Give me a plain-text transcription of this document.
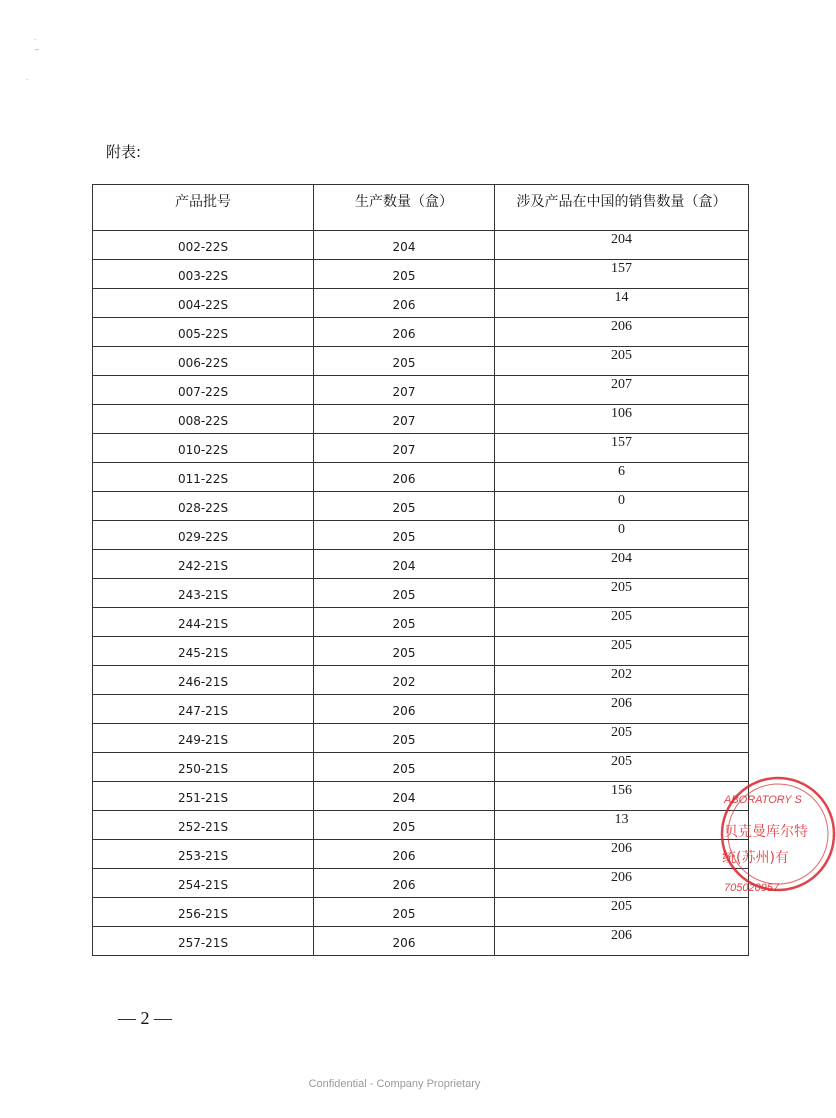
-
~
-
附表:
产品批号	生产数量（盒）	涉及产品在中国的销售数量（盒）
002-22S	204	204
003-22S	205	157
004-22S	206	14
005-22S	206	206
006-22S	205	205
007-22S	207	207
008-22S	207	106
010-22S	207	157
011-22S	206	6
028-22S	205	0
029-22S	205	0
242-21S	204	204
243-21S	205	205
244-21S	205	205
245-21S	205	205
246-21S	202	202
247-21S	206	206
249-21S	205	205
250-21S	205	205
251-21S	204	156
252-21S	205	13
253-21S	206	206
254-21S	206	206
256-21S	205	205
257-21S	206	206
— 2 —
Confidential - Company Proprietary
ABORATORY S
贝克曼库尔特
统(苏州)有
705020957
